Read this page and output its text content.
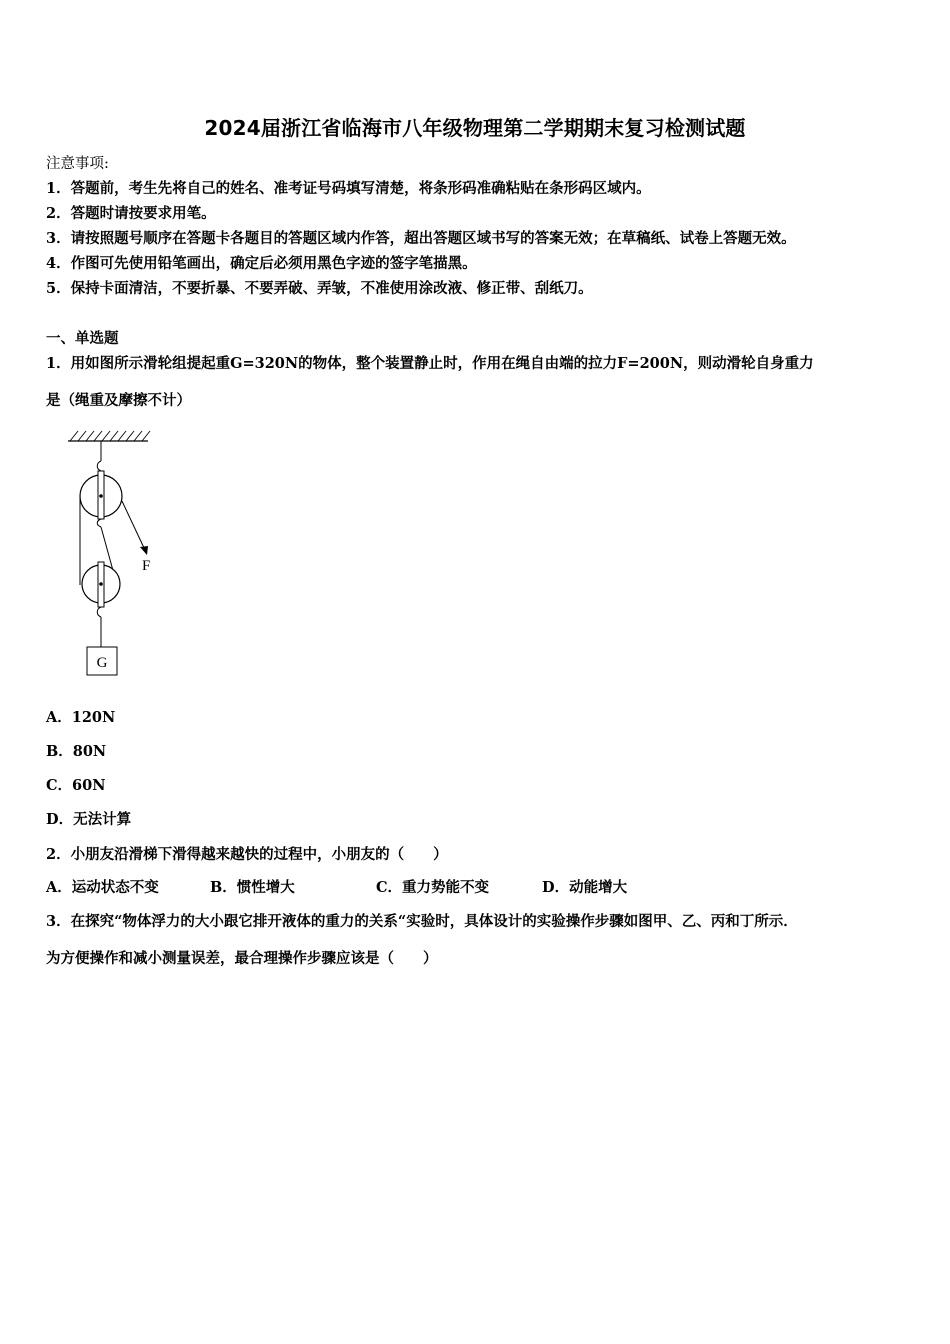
2024届浙江省临海市八年级物理第二学期期末复习检测试题
注意事项:
1．答题前，考生先将自己的姓名、准考证号码填写清楚，将条形码准确粘贴在条形码区域内。
2．答题时请按要求用笔。
3．请按照题号顺序在答题卡各题目的答题区域内作答，超出答题区域书写的答案无效；在草稿纸、试卷上答题无效。
4．作图可先使用铅笔画出，确定后必须用黑色字迹的签字笔描黑。
5．保持卡面清洁，不要折暴、不要弄破、弄皱，不准使用涂改液、修正带、刮纸刀。
一、单选题
1．用如图所示滑轮组提起重G=320N的物体，整个装置静止时，作用在绳自由端的拉力F=200N，则动滑轮自身重力
是（绳重及摩擦不计）
G
F
A．120N
B．80N
C．60N
D．无法计算
2．小朋友沿滑梯下滑得越来越快的过程中，小朋友的（　　）
A．运动状态不变	B．惯性增大	C．重力势能不变	D．动能增大
3．在探究“物体浮力的大小跟它排开液体的重力的关系“实验时，具体设计的实验操作步骤如图甲、乙、丙和丁所示．
为方便操作和减小测量误差，最合理操作步骤应该是（　　）
